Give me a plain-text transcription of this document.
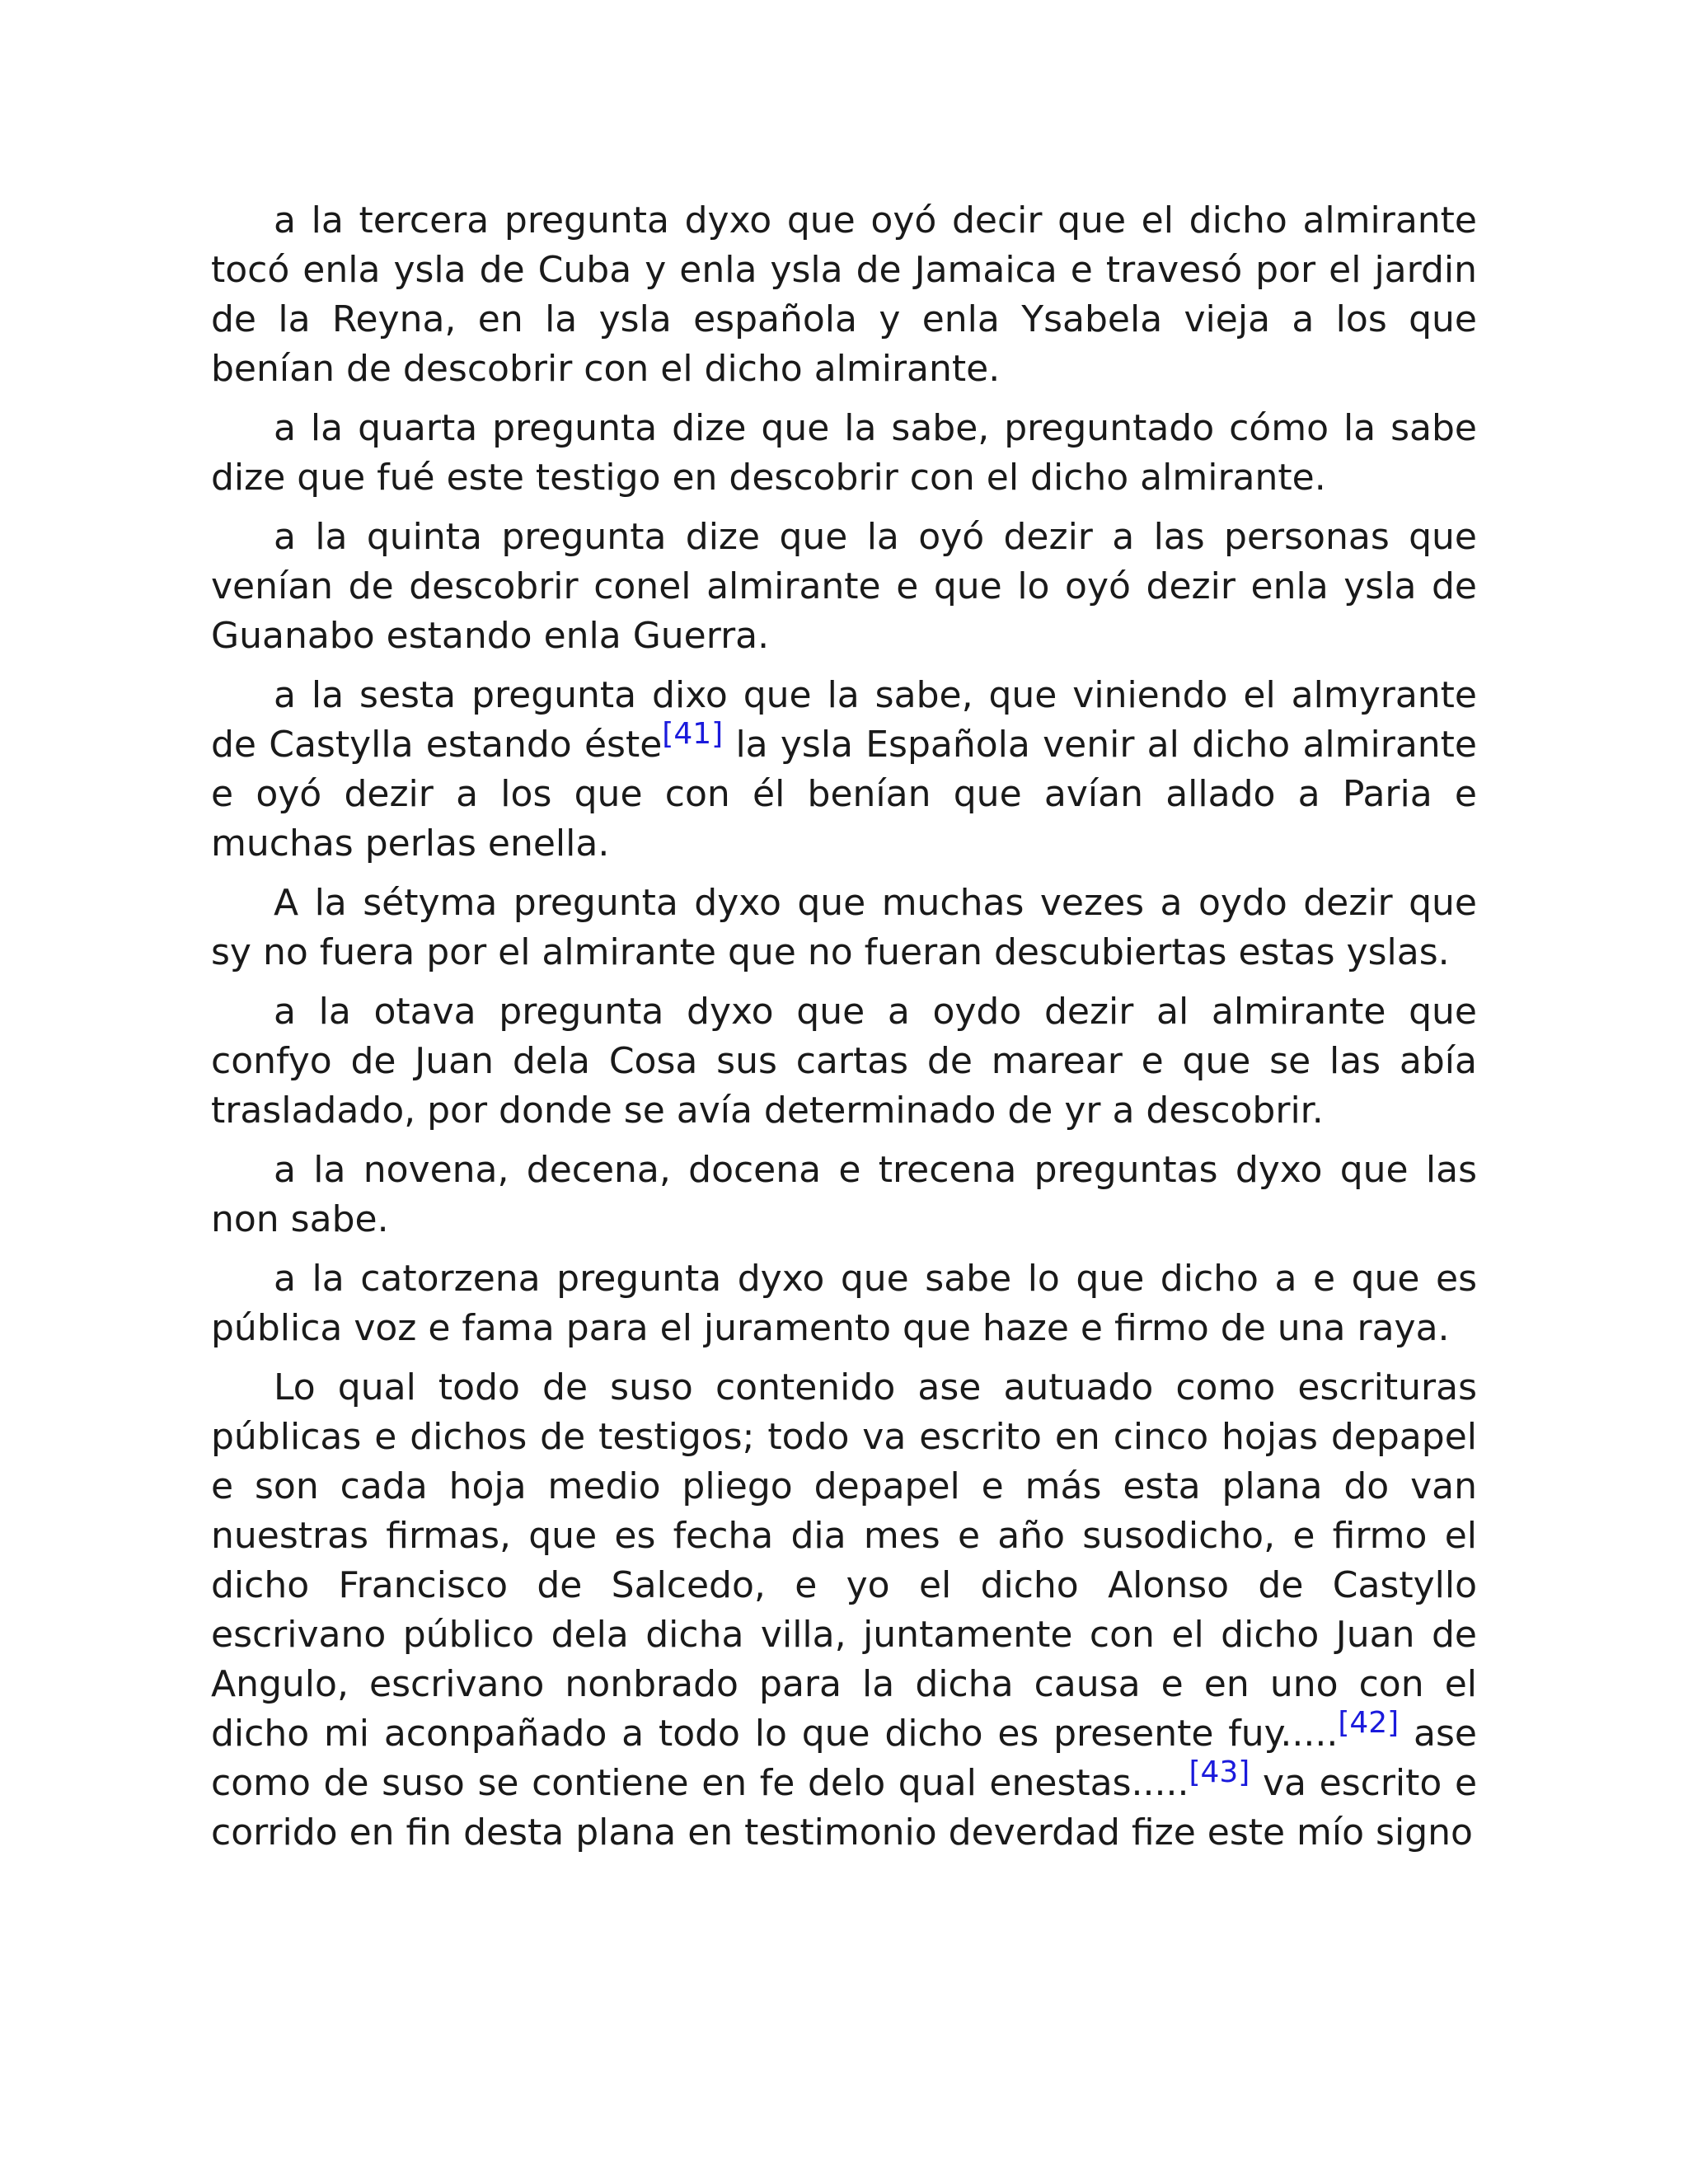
a la tercera pregunta dyxo que oyó decir que el dicho almirante tocó enla ysla de Cuba y enla ysla de Jamaica e travesó por el jardin de la Reyna, en la ysla española y enla Ysabela vieja a los que benían de descobrir con el dicho almirante.

a la quarta pregunta dize que la sabe, preguntado cómo la sabe dize que fué este testigo en descobrir con el dicho almirante.

a la quinta pregunta dize que la oyó dezir a las personas que venían de descobrir conel almirante e que lo oyó dezir enla ysla de Guanabo estando enla Guerra.

a la sesta pregunta dixo que la sabe, que viniendo el almyrante de Castylla estando éste[41] la ysla Española venir al dicho almirante e oyó dezir a los que con él benían que avían allado a Paria e muchas perlas enella.

A la sétyma pregunta dyxo que muchas vezes a oydo dezir que sy no fuera por el almirante que no fueran descubiertas estas yslas.

a la otava pregunta dyxo que a oydo dezir al almirante que confyo de Juan dela Cosa sus cartas de marear e que se las abía trasladado, por donde se avía determinado de yr a descobrir.

a la novena, decena, docena e trecena preguntas dyxo que las non sabe.

a la catorzena pregunta dyxo que sabe lo que dicho a e que es pública voz e fama para el juramento que haze e firmo de una raya.

Lo qual todo de suso contenido ase autuado como escrituras públicas e dichos de testigos; todo va escrito en cinco hojas depapel e son cada hoja medio pliego depapel e más esta plana do van nuestras firmas, que es fecha dia mes e año susodicho, e firmo el dicho Francisco de Salcedo, e yo el dicho Alonso de Castyllo escrivano público dela dicha villa, juntamente con el dicho Juan de Angulo, escrivano nonbrado para la dicha causa e en uno con el dicho mi aconpañado a todo lo que dicho es presente fuy.....[42] ase como de suso se contiene en fe delo qual enestas.....[43] va escrito e corrido en fin desta plana en testimonio deverdad fize este mío signo
